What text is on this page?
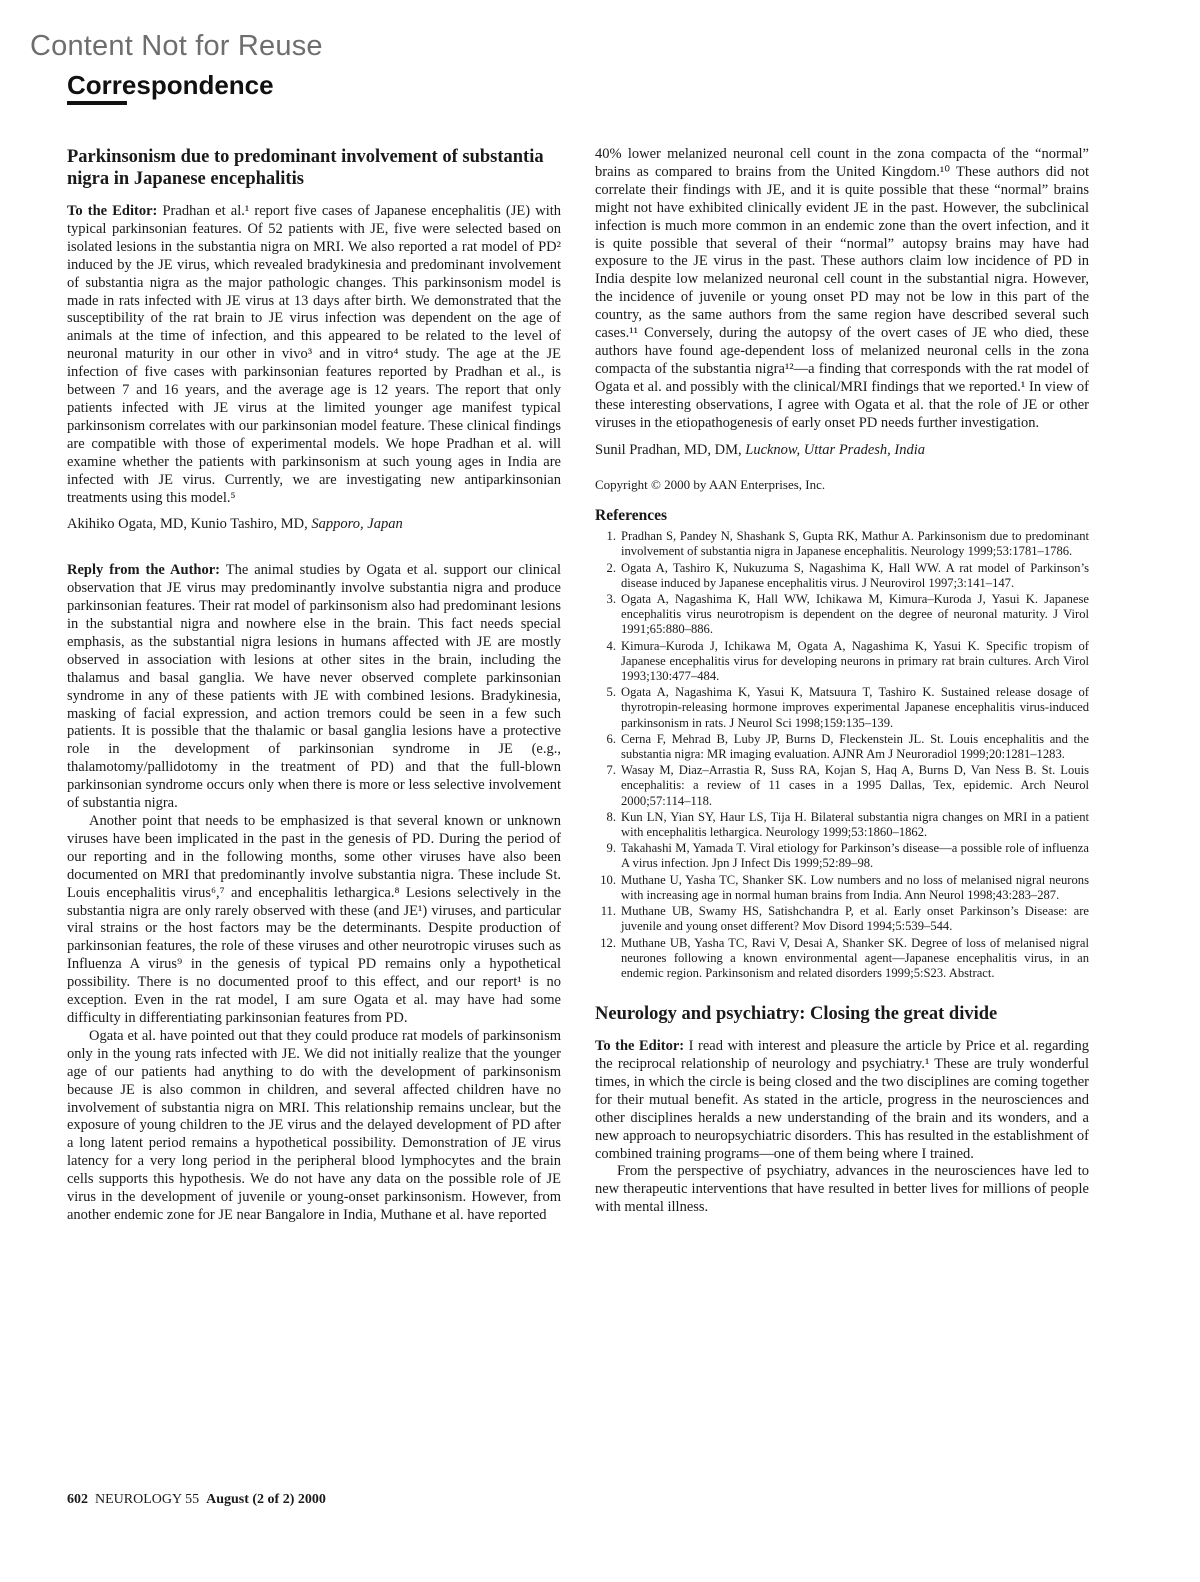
Content Not for Reuse
Correspondence

Parkinsonism due to predominant involvement of substantia nigra in Japanese encephalitis

To the Editor: Pradhan et al.¹ report five cases of Japanese encephalitis (JE) with typical parkinsonian features. Of 52 patients with JE, five were selected based on isolated lesions in the substantia nigra on MRI. We also reported a rat model of PD² induced by the JE virus, which revealed bradykinesia and predominant involvement of substantia nigra as the major pathologic changes. This parkinsonism model is made in rats infected with JE virus at 13 days after birth. We demonstrated that the susceptibility of the rat brain to JE virus infection was dependent on the age of animals at the time of infection, and this appeared to be related to the level of neuronal maturity in our other in vivo³ and in vitro⁴ study. The age at the JE infection of five cases with parkinsonian features reported by Pradhan et al., is between 7 and 16 years, and the average age is 12 years. The report that only patients infected with JE virus at the limited younger age manifest typical parkinsonism correlates with our parkinsonian model feature. These clinical findings are compatible with those of experimental models. We hope Pradhan et al. will examine whether the patients with parkinsonism at such young ages in India are infected with JE virus. Currently, we are investigating new antiparkinsonian treatments using this model.⁵

Akihiko Ogata, MD, Kunio Tashiro, MD, Sapporo, Japan

Reply from the Author: The animal studies by Ogata et al. support our clinical observation that JE virus may predominantly involve substantia nigra and produce parkinsonian features. Their rat model of parkinsonism also had predominant lesions in the substantial nigra and nowhere else in the brain. This fact needs special emphasis, as the substantial nigra lesions in humans affected with JE are mostly observed in association with lesions at other sites in the brain, including the thalamus and basal ganglia. We have never observed complete parkinsonian syndrome in any of these patients with JE with combined lesions. Bradykinesia, masking of facial expression, and action tremors could be seen in a few such patients. It is possible that the thalamic or basal ganglia lesions have a protective role in the development of parkinsonian syndrome in JE (e.g., thalamotomy/pallidotomy in the treatment of PD) and that the full-blown parkinsonian syndrome occurs only when there is more or less selective involvement of substantia nigra.

Another point that needs to be emphasized is that several known or unknown viruses have been implicated in the past in the genesis of PD. During the period of our reporting and in the following months, some other viruses have also been documented on MRI that predominantly involve substantia nigra. These include St. Louis encephalitis virus⁶,⁷ and encephalitis lethargica.⁸ Lesions selectively in the substantia nigra are only rarely observed with these (and JE¹) viruses, and particular viral strains or the host factors may be the determinants. Despite production of parkinsonian features, the role of these viruses and other neurotropic viruses such as Influenza A virus⁹ in the genesis of typical PD remains only a hypothetical possibility. There is no documented proof to this effect, and our report¹ is no exception. Even in the rat model, I am sure Ogata et al. may have had some difficulty in differentiating parkinsonian features from PD.

Ogata et al. have pointed out that they could produce rat models of parkinsonism only in the young rats infected with JE. We did not initially realize that the younger age of our patients had anything to do with the development of parkinsonism because JE is also common in children, and several affected children have no involvement of substantia nigra on MRI. This relationship remains unclear, but the exposure of young children to the JE virus and the delayed development of PD after a long latent period remains a hypothetical possibility. Demonstration of JE virus latency for a very long period in the peripheral blood lymphocytes and the brain cells supports this hypothesis. We do not have any data on the possible role of JE virus in the development of juvenile or young-onset parkinsonism. However, from another endemic zone for JE near Bangalore in India, Muthane et al. have reported

40% lower melanized neuronal cell count in the zona compacta of the “normal” brains as compared to brains from the United Kingdom.¹⁰ These authors did not correlate their findings with JE, and it is quite possible that these “normal” brains might not have exhibited clinically evident JE in the past. However, the subclinical infection is much more common in an endemic zone than the overt infection, and it is quite possible that several of their “normal” autopsy brains may have had exposure to the JE virus in the past. These authors claim low incidence of PD in India despite low melanized neuronal cell count in the substantial nigra. However, the incidence of juvenile or young onset PD may not be low in this part of the country, as the same authors from the same region have described several such cases.¹¹ Conversely, during the autopsy of the overt cases of JE who died, these authors have found age-dependent loss of melanized neuronal cells in the zona compacta of the substantia nigra¹²—a finding that corresponds with the rat model of Ogata et al. and possibly with the clinical/MRI findings that we reported.¹ In view of these interesting observations, I agree with Ogata et al. that the role of JE or other viruses in the etiopathogenesis of early onset PD needs further investigation.

Sunil Pradhan, MD, DM, Lucknow, Uttar Pradesh, India

Copyright © 2000 by AAN Enterprises, Inc.

References

1. Pradhan S, Pandey N, Shashank S, Gupta RK, Mathur A. Parkinsonism due to predominant involvement of substantia nigra in Japanese encephalitis. Neurology 1999;53:1781–1786.
2. Ogata A, Tashiro K, Nukuzuma S, Nagashima K, Hall WW. A rat model of Parkinson’s disease induced by Japanese encephalitis virus. J Neurovirol 1997;3:141–147.
3. Ogata A, Nagashima K, Hall WW, Ichikawa M, Kimura–Kuroda J, Yasui K. Japanese encephalitis virus neurotropism is dependent on the degree of neuronal maturity. J Virol 1991;65:880–886.
4. Kimura–Kuroda J, Ichikawa M, Ogata A, Nagashima K, Yasui K. Specific tropism of Japanese encephalitis virus for developing neurons in primary rat brain cultures. Arch Virol 1993;130:477–484.
5. Ogata A, Nagashima K, Yasui K, Matsuura T, Tashiro K. Sustained release dosage of thyrotropin-releasing hormone improves experimental Japanese encephalitis virus-induced parkinsonism in rats. J Neurol Sci 1998;159:135–139.
6. Cerna F, Mehrad B, Luby JP, Burns D, Fleckenstein JL. St. Louis encephalitis and the substantia nigra: MR imaging evaluation. AJNR Am J Neuroradiol 1999;20:1281–1283.
7. Wasay M, Diaz–Arrastia R, Suss RA, Kojan S, Haq A, Burns D, Van Ness B. St. Louis encephalitis: a review of 11 cases in a 1995 Dallas, Tex, epidemic. Arch Neurol 2000;57:114–118.
8. Kun LN, Yian SY, Haur LS, Tija H. Bilateral substantia nigra changes on MRI in a patient with encephalitis lethargica. Neurology 1999;53:1860–1862.
9. Takahashi M, Yamada T. Viral etiology for Parkinson’s disease—a possible role of influenza A virus infection. Jpn J Infect Dis 1999;52:89–98.
10. Muthane U, Yasha TC, Shanker SK. Low numbers and no loss of melanised nigral neurons with increasing age in normal human brains from India. Ann Neurol 1998;43:283–287.
11. Muthane UB, Swamy HS, Satishchandra P, et al. Early onset Parkinson’s Disease: are juvenile and young onset different? Mov Disord 1994;5:539–544.
12. Muthane UB, Yasha TC, Ravi V, Desai A, Shanker SK. Degree of loss of melanised nigral neurones following a known environmental agent—Japanese encephalitis virus, in an endemic region. Parkinsonism and related disorders 1999;5:S23. Abstract.

Neurology and psychiatry: Closing the great divide

To the Editor: I read with interest and pleasure the article by Price et al. regarding the reciprocal relationship of neurology and psychiatry.¹ These are truly wonderful times, in which the circle is being closed and the two disciplines are coming together for their mutual benefit. As stated in the article, progress in the neurosciences and other disciplines heralds a new understanding of the brain and its wonders, and a new approach to neuropsychiatric disorders. This has resulted in the establishment of combined training programs—one of them being where I trained.

From the perspective of psychiatry, advances in the neurosciences have led to new therapeutic interventions that have resulted in better lives for millions of people with mental illness.

602 NEUROLOGY 55 August (2 of 2) 2000
